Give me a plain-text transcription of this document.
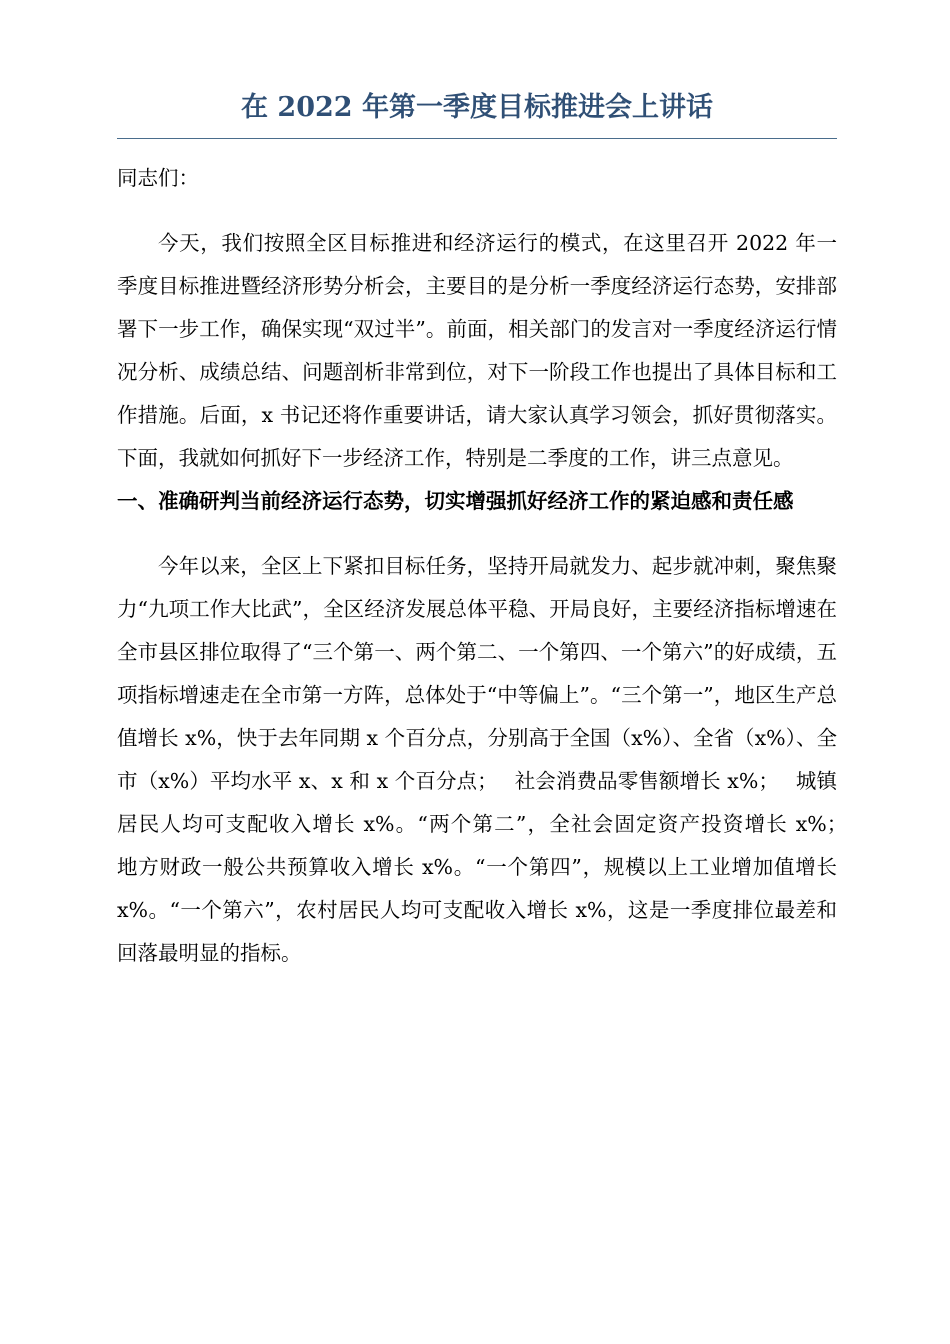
在 2022 年第一季度目标推进会上讲话

同志们：

今天，我们按照全区目标推进和经济运行的模式，在这里召开 2022 年一季度目标推进暨经济形势分析会，主要目的是分析一季度经济运行态势，安排部署下一步工作，确保实现“双过半”。前面，相关部门的发言对一季度经济运行情况分析、成绩总结、问题剖析非常到位，对下一阶段工作也提出了具体目标和工作措施。后面，x 书记还将作重要讲话，请大家认真学习领会，抓好贯彻落实。下面，我就如何抓好下一步经济工作，特别是二季度的工作，讲三点意见。

一、准确研判当前经济运行态势，切实增强抓好经济工作的紧迫感和责任感

今年以来，全区上下紧扣目标任务，坚持开局就发力、起步就冲刺，聚焦聚力“九项工作大比武”，全区经济发展总体平稳、开局良好，主要经济指标增速在全市县区排位取得了“三个第一、两个第二、一个第四、一个第六”的好成绩，五项指标增速走在全市第一方阵，总体处于“中等偏上”。“三个第一”，地区生产总值增长 x%，快于去年同期 x 个百分点，分别高于全国（x%）、全省（x%）、全市（x%）平均水平 x、x 和 x 个百分点；　 社会消费品零售额增长 x%；　 城镇居民人均可支配收入增长 x%。“两个第二”，全社会固定资产投资增长 x%；　 地方财政一般公共预算收入增长 x%。“一个第四”，规模以上工业增加值增长 x%。“一个第六”，农村居民人均可支配收入增长 x%，这是一季度排位最差和回落最明显的指标。
